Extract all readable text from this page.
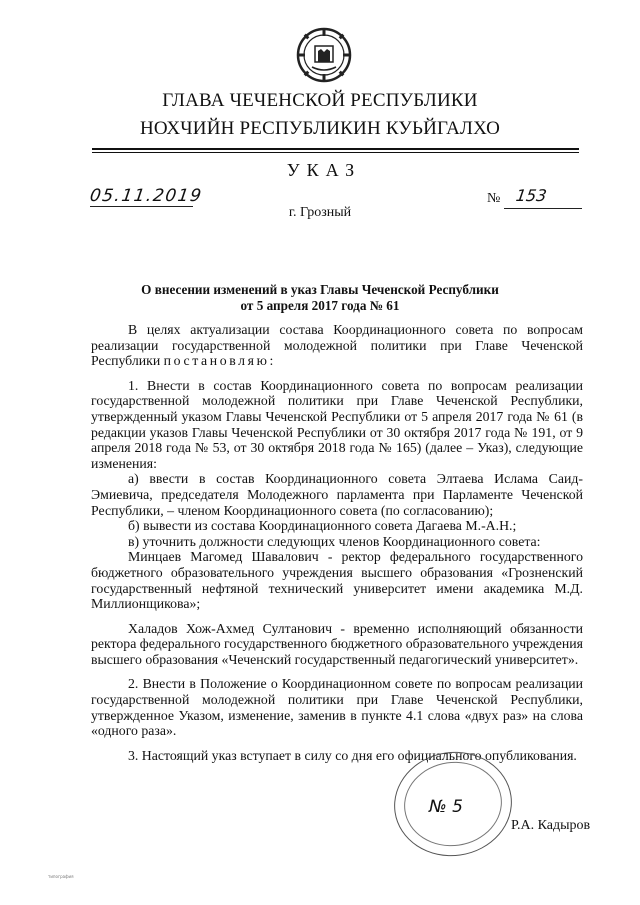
ГЛАВА ЧЕЧЕНСКОЙ РЕСПУБЛИКИ
НОХЧИЙН РЕСПУБЛИКИН КУЬЙГАЛХО
УКАЗ
05.11.2019	№ 153
г. Грозный
О внесении изменений в указ Главы Чеченской Республики
от 5 апреля 2017 года № 61

В целях актуализации состава Координационного совета по вопросам реализации государственной молодежной политики при Главе Чеченской Республики постановляю:

1. Внести в состав Координационного совета по вопросам реализации государственной молодежной политики при Главе Чеченской Республики, утвержденный указом Главы Чеченской Республики от 5 апреля 2017 года № 61 (в редакции указов Главы Чеченской Республики от 30 октября 2017 года № 191, от 9 апреля 2018 года № 53, от 30 октября 2018 года № 165) (далее – Указ), следующие изменения:

а) ввести в состав Координационного совета Элтаева Ислама Саид-Эмиевича, председателя Молодежного парламента при Парламенте Чеченской Республики, – членом Координационного совета (по согласованию);

б) вывести из состава Координационного совета Дагаева М.-А.Н.;

в) уточнить должности следующих членов Координационного совета:

Минцаев Магомед Шавалович - ректор федерального государственного бюджетного образовательного учреждения высшего образования «Грозненский государственный нефтяной технический университет имени академика М.Д. Миллионщикова»;

Халадов Хож-Ахмед Султанович - временно исполняющий обязанности ректора федерального государственного бюджетного образовательного учреждения высшего образования «Чеченский государственный педагогический университет».

2. Внести в Положение о Координационном совете по вопросам реализации государственной молодежной политики при Главе Чеченской Республики, утвержденное Указом, изменение, заменив в пункте 4.1 слова «двух раз» на слова «одного раза».

3. Настоящий указ вступает в силу со дня его официального опубликования.

№ 5
Р.А. Кадыров
типография
